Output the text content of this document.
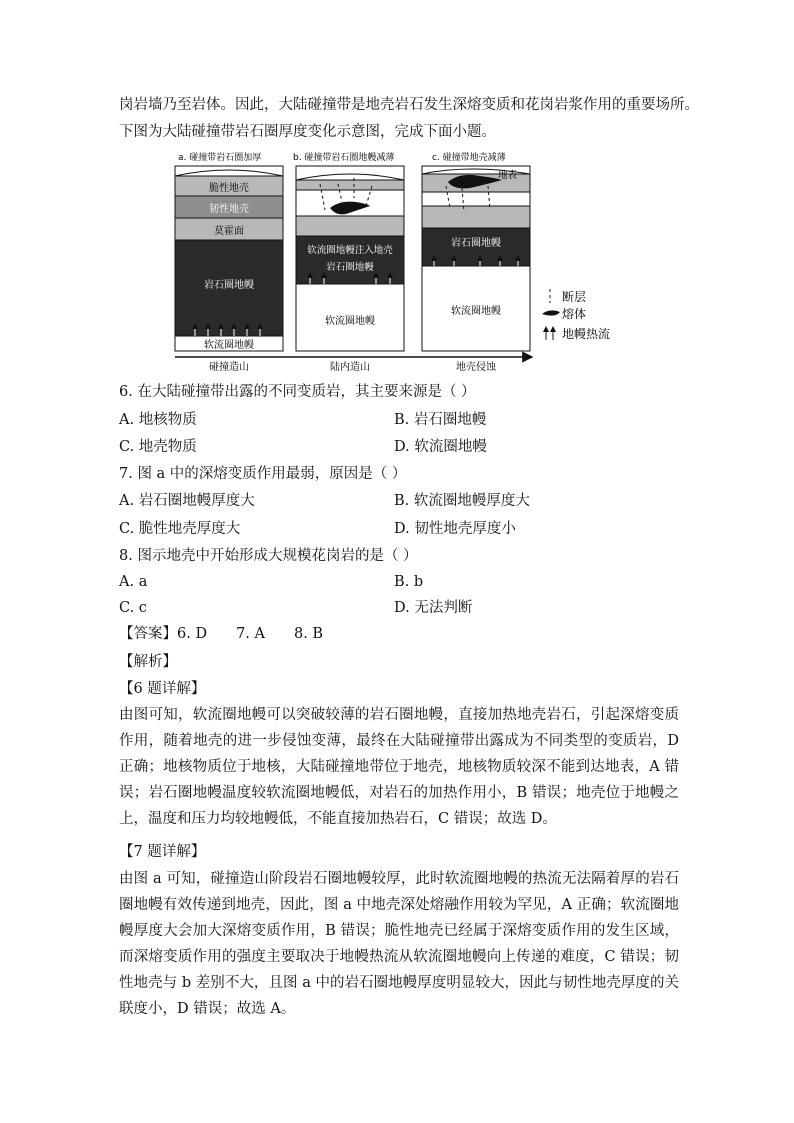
岗岩墙乃至岩体。因此，大陆碰撞带是地壳岩石发生深熔变质和花岗岩浆作用的重要场所。
下图为大陆碰撞带岩石圈厚度变化示意图，完成下面小题。
a. 碰撞带岩石圈加厚	b. 碰撞带岩石圈地幔减薄	c. 碰撞带地壳减薄
脆性地壳
韧性地壳
莫霍面
岩石圈地幔
软流圈地幔
软流圈地幔注入地壳
岩石圈地幔
软流圈地幔
地表
岩石圈地幔
软流圈地幔
碰撞造山	陆内造山	地壳侵蚀
断层
熔体
地幔热流
6. 在大陆碰撞带出露的不同变质岩，其主要来源是（ ）
A. 地核物质	B. 岩石圈地幔
C. 地壳物质	D. 软流圈地幔
7. 图 a 中的深熔变质作用最弱，原因是（ ）
A. 岩石圈地幔厚度大	B. 软流圈地幔厚度大
C. 脆性地壳厚度大	D. 韧性地壳厚度小
8. 图示地壳中开始形成大规模花岗岩的是（ ）
A. a	B. b
C. c	D. 无法判断
【答案】6. D　　7. A　　8. B
【解析】
【6 题详解】
由图可知，软流圈地幔可以突破较薄的岩石圈地幔，直接加热地壳岩石，引起深熔变质作用，随着地壳的进一步侵蚀变薄，最终在大陆碰撞带出露成为不同类型的变质岩，D 正确；地核物质位于地核，大陆碰撞地带位于地壳，地核物质较深不能到达地表，A 错误；岩石圈地幔温度较软流圈地幔低，对岩石的加热作用小，B 错误；地壳位于地幔之上，温度和压力均较地幔低，不能直接加热岩石，C 错误；故选 D。
【7 题详解】
由图 a 可知，碰撞造山阶段岩石圈地幔较厚，此时软流圈地幔的热流无法隔着厚的岩石圈地幔有效传递到地壳，因此，图 a 中地壳深处熔融作用较为罕见，A 正确；软流圈地幔厚度大会加大深熔变质作用，B 错误；脆性地壳已经属于深熔变质作用的发生区域，而深熔变质作用的强度主要取决于地幔热流从软流圈地幔向上传递的难度，C 错误；韧性地壳与 b 差别不大，且图 a 中的岩石圈地幔厚度明显较大，因此与韧性地壳厚度的关联度小，D 错误；故选 A。
